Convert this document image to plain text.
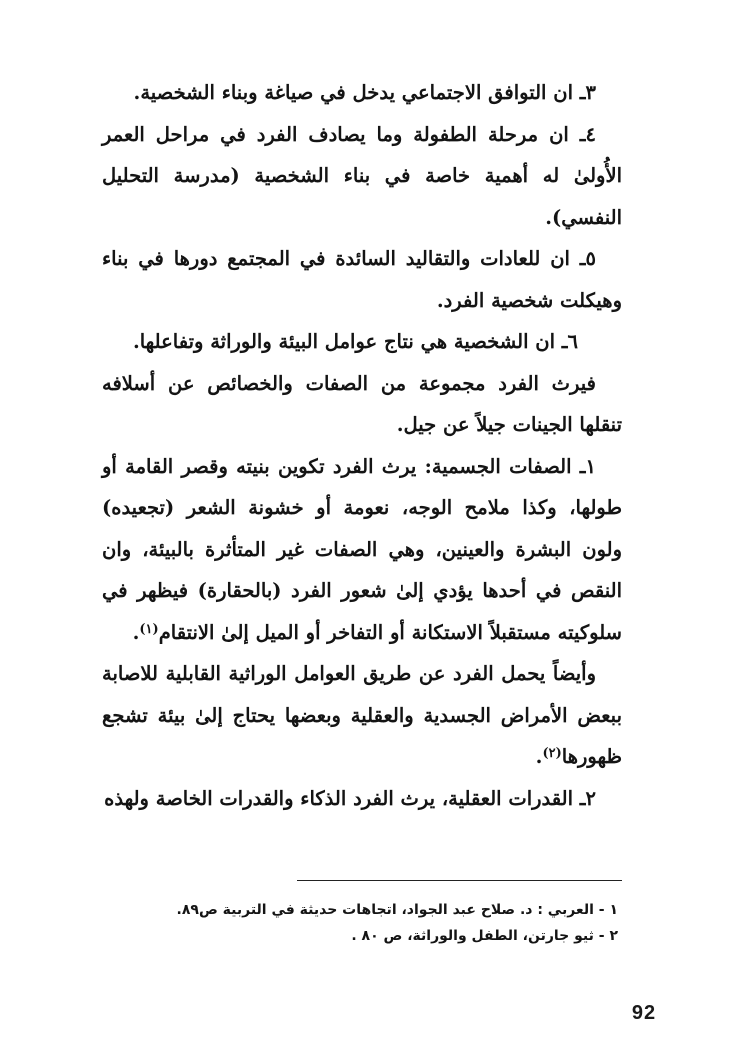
٣ـ ان التوافق الاجتماعي يدخل في صياغة وبناء الشخصية.

٤ـ ان مرحلة الطفولة وما يصادف الفرد في مراحل العمر الأُولىٰ له أهمية خاصة في بناء الشخصية (مدرسة التحليل النفسي).

٥ـ ان للعادات والتقاليد السائدة في المجتمع دورها في بناء وهيكلت شخصية الفرد.

٦ـ ان الشخصية هي نتاج عوامل البيئة والوراثة وتفاعلها.

فيرث الفرد مجموعة من الصفات والخصائص عن أسلافه تنقلها الجينات جيلاً عن جيل.

١ـ الصفات الجسمية: يرث الفرد تكوين بنيته وقصر القامة أو طولها، وكذا ملامح الوجه، نعومة أو خشونة الشعر (تجعيده) ولون البشرة والعينين، وهي الصفات غير المتأثرة بالبيئة، وان النقص في أحدها يؤدي إلىٰ شعور الفرد (بالحقارة) فيظهر في سلوكيته مستقبلاً الاستكانة أو التفاخر أو الميل إلىٰ الانتقام$^{(١)}$.

وأيضاً يحمل الفرد عن طريق العوامل الوراثية القابلية للاصابة ببعض الأمراض الجسدية والعقلية وبعضها يحتاج إلىٰ بيئة تشجع ظهورها$^{(٢)}$.

٢ـ القدرات العقلية، يرث الفرد الذكاء والقدرات الخاصة ولهذه

١ - العربي : د. صلاح عبد الجواد، اتجاهات حديثة في التربية ص٨٩.

٢ - ثيو جارتن، الطفل والوراثة، ص ٨٠ .

92
